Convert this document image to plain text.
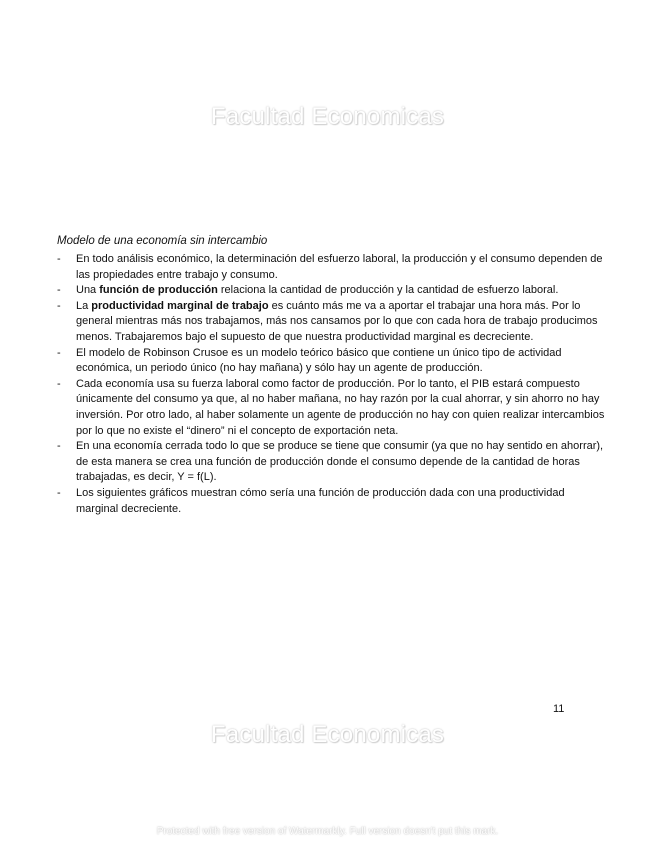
Facultad Economicas

Modelo de una economía sin intercambio

- En todo análisis económico, la determinación del esfuerzo laboral, la producción y el consumo dependen de las propiedades entre trabajo y consumo.
- Una función de producción relaciona la cantidad de producción y la cantidad de esfuerzo laboral.
- La productividad marginal de trabajo es cuánto más me va a aportar el trabajar una hora más. Por lo general mientras más nos trabajamos, más nos cansamos por lo que con cada hora de trabajo producimos menos. Trabajaremos bajo el supuesto de que nuestra productividad marginal es decreciente.
- El modelo de Robinson Crusoe es un modelo teórico básico que contiene un único tipo de actividad económica, un periodo único (no hay mañana) y sólo hay un agente de producción.
- Cada economía usa su fuerza laboral como factor de producción. Por lo tanto, el PIB estará compuesto únicamente del consumo ya que, al no haber mañana, no hay razón por la cual ahorrar, y sin ahorro no hay inversión. Por otro lado, al haber solamente un agente de producción no hay con quien realizar intercambios por lo que no existe el “dinero” ni el concepto de exportación neta.
- En una economía cerrada todo lo que se produce se tiene que consumir (ya que no hay sentido en ahorrar), de esta manera se crea una función de producción donde el consumo depende de la cantidad de horas trabajadas, es decir, Y = f(L).
- Los siguientes gráficos muestran cómo sería una función de producción dada con una productividad marginal decreciente.
11
Facultad Economicas
Protected with free version of Watermarkly. Full version doesn't put this mark.
